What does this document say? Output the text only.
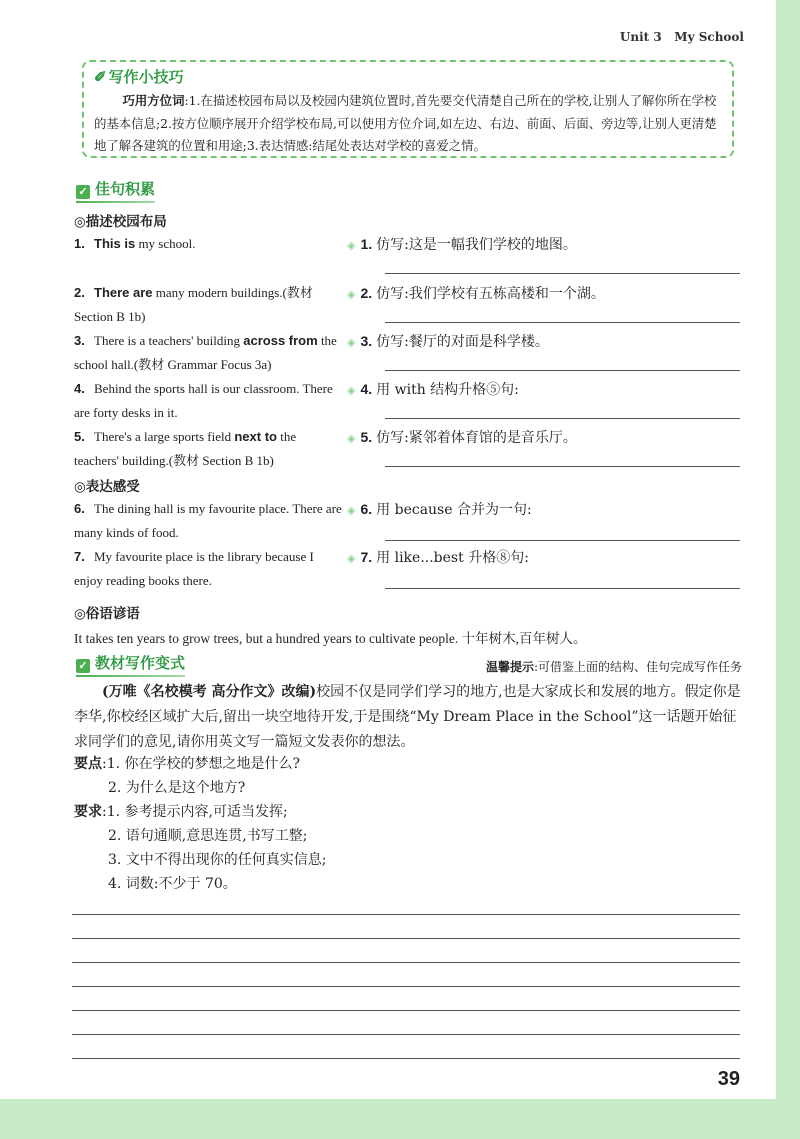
Unit 3 My School
✐ 写作小技巧
巧用方位词:1.在描述校园布局以及校园内建筑位置时,首先要交代清楚自己所在的学校,让别人了解你所在学校的基本信息;2.按方位顺序展开介绍学校布局,可以使用方位介词,如左边、右边、前面、后面、旁边等,让别人更清楚地了解各建筑的位置和用途;3.表达情感:结尾处表达对学校的喜爱之情。
✓ 佳句积累
◎描述校园布局
1. This is my school.
2. There are many modern buildings.(教材 Section B 1b)
3. There is a teachers' building across from the school hall.(教材 Grammar Focus 3a)
4. Behind the sports hall is our classroom. There are forty desks in it.
5. There's a large sports field next to the teachers' building.(教材 Section B 1b)
◎表达感受
6. The dining hall is my favourite place. There are many kinds of food.
7. My favourite place is the library because I enjoy reading books there.
◈ 1. 仿写:这是一幅我们学校的地图。
◈ 2. 仿写:我们学校有五栋高楼和一个湖。
◈ 3. 仿写:餐厅的对面是科学楼。
◈ 4. 用 with 结构升格⑤句:
◈ 5. 仿写:紧邻着体育馆的是音乐厅。
◈ 6. 用 because 合并为一句:
◈ 7. 用 like...best 升格⑧句:
◎俗语谚语
It takes ten years to grow trees, but a hundred years to cultivate people. 十年树木,百年树人。
✓ 教材写作变式	温馨提示:可借鉴上面的结构、佳句完成写作任务
(万唯《名校模考 高分作文》改编)校园不仅是同学们学习的地方,也是大家成长和发展的地方。假定你是李华,你校经区域扩大后,留出一块空地待开发,于是围绕“My Dream Place in the School”这一话题开始征求同学们的意见,请你用英文写一篇短文发表你的想法。
要点:1. 你在学校的梦想之地是什么?
2. 为什么是这个地方?
要求:1. 参考提示内容,可适当发挥;
2. 语句通顺,意思连贯,书写工整;
3. 文中不得出现你的任何真实信息;
4. 词数:不少于 70。
39
